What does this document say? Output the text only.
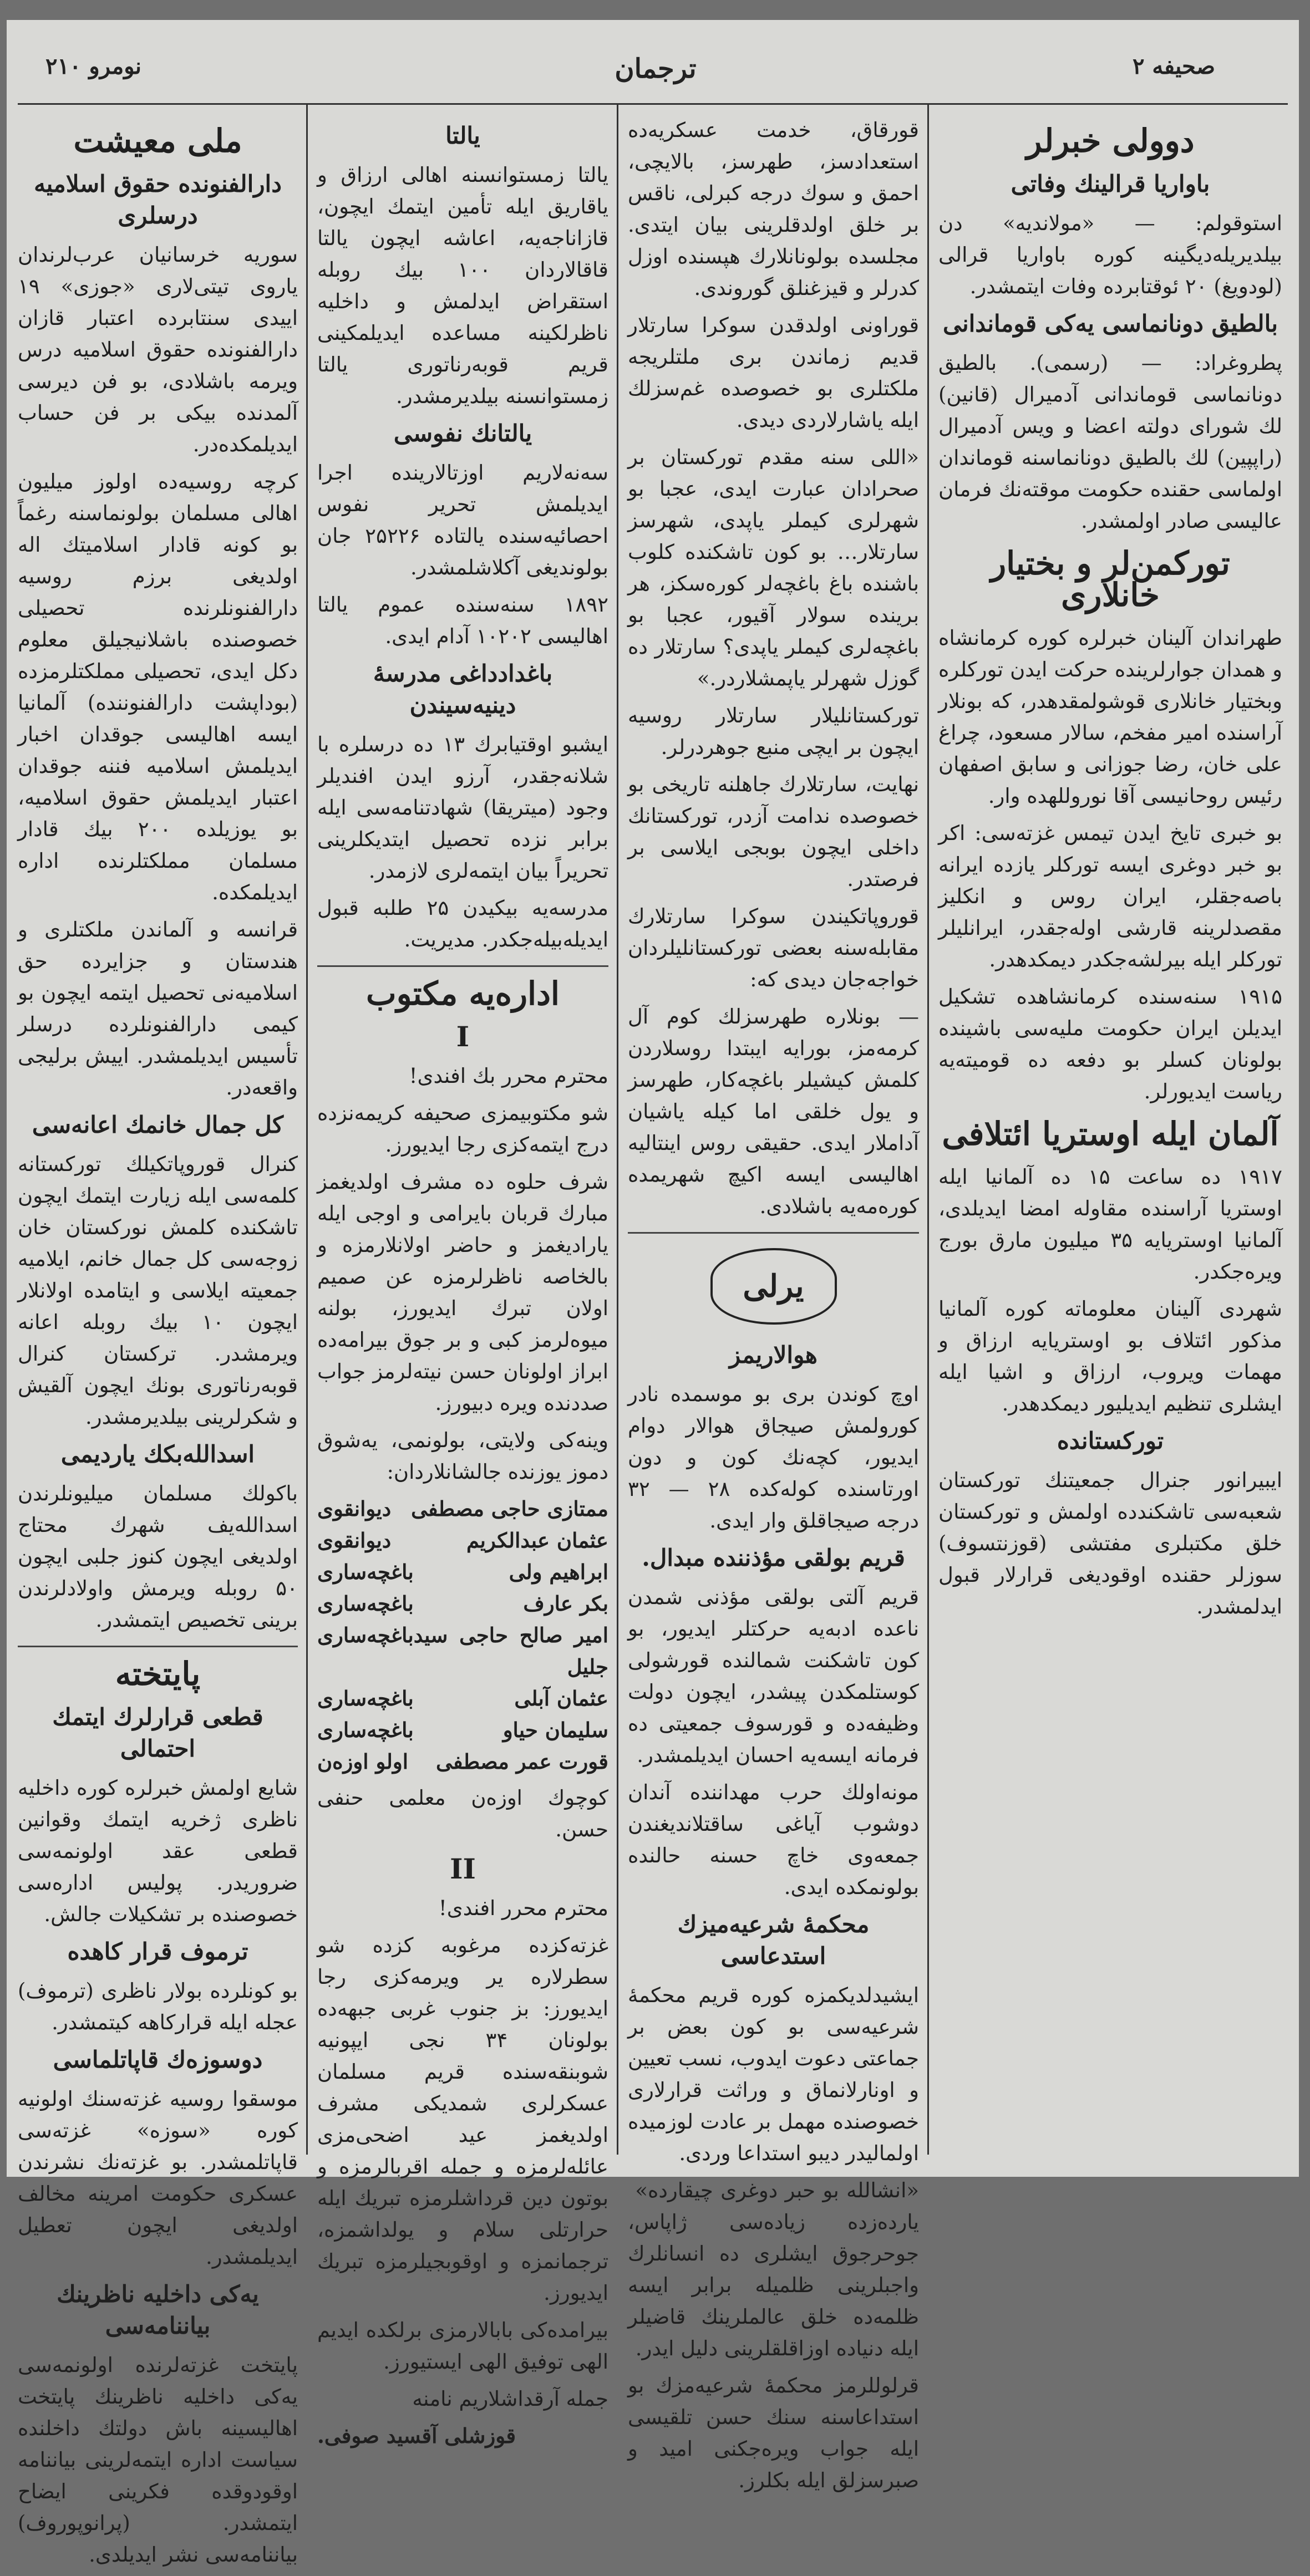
صحیفه ۲
ترجمان
نومرو ۲۱۰
دوولی خبرلر
باواریا قرالینك وفاتی

استوقولم: — «مولاندیه» دن بیلدیریله‌دیگینه کوره باواریا قرالی (لودویغ) ۲۰ ئوقتابرده وفات ایتمشدر.

بالطیق دونانماسی یه‌کی قوماندانی

پطروغراد: — (رسمی). بالطیق دونانماسی قوماندانی آدمیرال (قانین) لك شورای دولته اعضا و ویس آدمیرال (راپپین) لك بالطیق دونانماسنه قوماندان اولماسی حقنده حکومت موقته‌نك فرمان عالیسی صادر اولمشدر.

تورکمن‌لر و بختیار خانلاری

طهراندان آلینان خبرلره کوره کرمانشاه و همدان جوارلرینده حرکت ایدن تورکلره وبختیار خانلاری قوشولمقدهدر، که بونلار آراسنده امیر مفخم، سالار مسعود، چراغ علی خان، رضا جوزانی و سابق اصفهان رئیس روحانیسی آقا نوروللهده وار.

بو خبری تایخ ایدن تیمس غزته‌سی: اکر بو خبر دوغری ایسه تورکلر یازده ایرانه باصه‌جقلر، ایران روس و انکلیز مقصدلرینه قارشی اوله‌جقدر، ایرانلیلر تورکلر ایله بیرلشه‌جکدر دیمکدهدر.

۱۹۱۵ سنه‌سنده کرمانشاهده تشکیل ایدیلن ایران حکومت ملیه‌سی باشینده بولونان کسلر بو دفعه ده قومیته‌یه ریاست ایدیورلر.

آلمان ایله اوستریا ائتلافی

۱۹۱۷ ده ساعت ۱۵ ده آلمانیا ایله اوستریا آراسنده مقاوله امضا ایدیلدی، آلمانیا اوستریا‌یه ۳۵ میلیون مارق بورج ویره‌جکدر.

شهردی آلینان معلوماته کوره آلمانیا مذکور ائتلاف بو اوستریایه ارزاق و مهمات ویروب، ارزاق و اشیا ایله ایشلری تنظیم ایدیلیور دیمکدهدر.

تورکستانده

ایبیرانور جنرال جمعیتنك تورکستان شعبه‌سی تاشکندده اولمش و تورکستان خلق مکتبلری مفتشی (قوزنتسوف) سوزلر حقنده اوقودیغی قرارلار قبول ایدلمشدر.

قورقاق، خدمت عسکریه‌ده استعدادسز، طهرسز، بالایچی، احمق و سوك درجه کبرلی، ناقس بر خلق اولدقلرینی بیان ایتدی. مجلسده بولونانلارك هپسنده اوزل کدرلر و قیزغنلق گوروندی.

قوراونی اولدقدن سوکرا سارتلار قدیم زماندن بری ملتلریجه ملکتلری بو خصوصده غم‌سزلك ایله یاشارلاردی دیدی.

«اللی سنه مقدم تورکستان بر صحرادان عبارت ایدی، عجبا بو شهرلری کیملر یاپدی، شهرسز سارتلار… بو کون تاشکنده کلوب باشنده باغ باغچه‌لر کوره‌سکز، هر برینده سولار آقیور، عجبا بو باغچه‌لری کیملر یاپدی؟ سارتلار ده گوزل شهرلر یاپمشلاردر.»

تورکستانلیلار سارتلار روسیه ایچون بر ایچی منبع جوهردرلر.

نهایت، سارتلارك جاهلنه تاریخی بو خصوصده ندامت آزدر، تورکستانك داخلی ایچون بوبجی ایلاسی بر فرصتدر.

قوروپاتکیندن سوکرا سارتلارك مقابله‌سنه بعضی تورکستانلیلردان خواجه‌جان دیدی که:

— بونلاره طهرسزلك کوم آل کرمه‌مز، بورایه ایبتدا روسلاردن کلمش کیشیلر باغچه‌کار، طهرسز و یول خلقی اما کیله یاشیان آداملار ایدی. حقیقی روس اینتالیه اهالیسی ایسه اکیچ شهریمده کوره‌مه‌یه باشلادی.

یرلی
هوالاریمز

اوچ کوندن بری بو موسمده نادر کورولمش صیجاق هوالار دوام ایدیور، کچه‌نك کون و دون اورتاسنده کوله‌کده ۲۸ — ۳۲ درجه صیجاقلق وار ایدی.

قریم بولقی مؤذننده مبدال.

قریم آلتی بولقی مؤذنی شمدن ناعده ادبه‌یه حرکتلر ایدیور، بو کون تاشکنت شمالنده قورشولی کوستلمکدن پیشدر، ایچون دولت وظیفه‌ده و قورسوف جمعیتی ده فرمانه ایسه‌یه احسان ایدیلمشدر.

مونه‌اولك حرب مهداننده آندان دوشوب آیاغی ساقتلاندیغندن جمعه‌وی خاچ حسنه حالنده بولونمکده ایدی.

محکمهٔ شرعیه‌میزك استدعاسی

ایشیدلدیکمزه کوره قریم محکمهٔ شرعیه‌سی بو کون بعض بر جماعتی دعوت ایدوب، نسب تعیین و اونارلانماق و وراثت قرارلاری خصوصنده مهمل بر عادت لوزمیده اولمالیدر دیبو استداعا وردی.

«انشالله بو حبر دوغری چیقارده» یارده‌زده زیاده‌سی ژاپاس، جوحرجوق ایشلری ده انسانلرك واجبلرینی ظلمیله برابر ایسه ظلمه‌ده خلق عالملرینك قاضیلر ایله دنیا‌ده اوزاقلقلرینی دلیل ایدر.

قرلوللرمز محکمهٔ شرعیه‌مزك بو استداعاسنه سنك حسن تلقیسی ایله جواب ویره‌جکنی امید و صبرسزلق ایله بکلرز.

یالتا

یالتا زمستوانسنه اهالی ارزاق و یاقاریق ایله تأمین ایتمك ایچون، قازاناجه‌یه، اعاشه ایچون یالتا قاقالاردان ۱۰۰ بیك روبله استقراض ایدلمش و داخلیه ناظرلکینه مساعده ایدیلمکینی قریم قوبه‌رناتوری یالتا زمستوانسنه بیلدیرمشدر.

یالتانك نفوسی

سه‌نه‌لاریم اوزتالارینده اجرا ایدیلمش تحریر نفوس احصائیه‌سنده یالتاده ۲۵۲۲۶ جان بولوندیغی آکلاشلمشدر.

۱۸۹۲ سنه‌سنده عموم یالتا اهالیسی ۱۰۲۰۲ آدام ایدی.

باغدادداغی مدرسهٔ دینیه‌سیندن

ایشبو اوقتیابرك ۱۳ ده درسلره با شلانه‌جقدر، آرزو ایدن افندیلر وجود (میتریقا) شهادتنامه‌سی ایله برابر نزده تحصیل ایتدیکلرینی تحریراً بیان ایتمه‌لری لازمدر.

مدرسه‌یه بیکیدن ۲۵ طلبه قبول ایدیله‌بیله‌جکدر. مدیریت.

اداره‌یه مکتوب
I

محترم محرر بك افندی!

شو مکتوبیمزی صحیفه‌ کریمه‌نزده درج ایتمه‌کزی رجا ایدیورز.

شرف حلوه‌ ده مشرف اولدیغمز مبارك قربان بایرامی و اوجی ایله یارادیغمز و حاضر اولانلارمزه و بالخاصه ناظرلرمزه عن صمیم اولان تبرك ایدیورز، بولنه‌ میوه‌لرمز کبی و بر جوق بیرامه‌ده ابراز اولونان حسن نیته‌لرمز جواب صددنده ویره‌ دبیورز.

وینه‌کی ولایتی، بولونمی، یه‌شوق دموز یوزنده جالشانلاردان:

ممتازی حاجی مصطفی
دیوانقوی
عثمان عبدالکریم
دیوانقوی
ابراهیم ولی
باغچه‌ساری
بکر عارف
باغچه‌ساری
امیر صالح حاجی سید جلیل
باغچه‌ساری
عثمان آبلی
باغچه‌ساری
سلیمان حیاو
باغچه‌ساری
قورت عمر مصطفی
اولو اوزه‌ن

کوچوك اوزه‌ن معلمی حنفی حسن.

II

محترم محرر افندی!

غزته‌کزده مرغوبه کزده شو سطرلاره یر ویرمه‌کزی رجا ایدیورز: بز جنوب غربی جبهه‌ده بولونان ۳۴ نجی ایپونیه شوبنقه‌سنده قریم مسلمان عسکرلری شمدیکی مشرف اولدیغمز عید اضحی‌مزی عائله‌لرمزه و جمله اقربالرمزه و بوتون دین قرداشلرمزه تبریك ایله حرارتلی سلام و یولداشمزه، ترجمانمزه و اوقوبجیلرمزه تبریك ایدیورز.

بیرامده‌کی بابالارمزی برلکده ایدیم الهی توفیق الهی ایستیورز.

جمله آرقداشلاریم نامنه

قوزشلی آقسید صوفی.
ملی معیشت
دارالفنونده حقوق اسلامیه درسلری

سوریه خرسانیان عرب‌لرندان یاروی تیتی‌لاری «جوزی» ۱۹ اییدی سنتابرده اعتبار قازان دارالفنونده حقوق اسلامیه درس ویرمه باشلادی، بو فن دیرسی آلمدنده بیکی بر فن حساب ایدیلمکده‌در.

کرچه روسیه‌ده اولوز میلیون اهالی مسلمان بولونماسنه رغماً بو کونه قادار اسلامیتك اله اولدیغی برزم روسیه دارالفنونلرنده تحصیلی خصوصنده باشلانیجیلق معلوم دکل ایدی، تحصیلی مملکتلرمزده (بوداپشت دارالفنوننده) آلمانیا ایسه اهالیسی جوقدان اخبار ایدیلمش اسلامیه فننه جوقدان اعتبار ایدیلمش حقوق اسلامیه، بو یوزیلده ۲۰۰ بیك قادار مسلمان مملکتلرنده اداره ایدیلمکده.

قرانسه و آلماندن ملکتلری و هندستان و جزایرده حق اسلامیه‌نی تحصیل ایتمه ایچون بو کیمی دارالفنونلرده درسلر تأسیس ایدیلمشدر. اییش برلیجی واقعه‌در.

کل جمال خانمك اعانه‌سی

کنرال قوروپاتکیلك تورکستانه کلمه‌سی ایله زیارت ایتمك ایچون تاشکنده کلمش نورکستان خان زوجه‌سی کل جمال خانم، ایلامیه جمعیته ایلاسی و ایتامده اولانلار ایچون ۱۰ بیك روبله اعانه ویرمشدر. ترکستان کنرال قوبه‌رناتوری بونك ایچون آلقیش و شکرلرینی بیلدیرمشدر.

اسدالله‌بكك یاردیمی

باکولك مسلمان میلیونلرندن اسدالله‌یف شهرك محتاج اولدیغی ایچون کنوز جلبی ایچون ۵۰ روبله ویرمش واولادلرندن برینی تخصیص ایتمشدر.

پایتخته
قطعی قرارلرك ایتمك احتمالی

شایع اولمش خبرلره کوره داخلیه ناظری ژخریه ایتمك وقوانین قطعی عقد اولونمه‌سی ضروریدر. پولیس اداره‌سی خصوصنده بر تشکیلات جالش.

ترموف قرار کاهده

بو کونلرده بولار ناظری (ترموف) عجله ایله قرارکاهه کیتمشدر.

دوسوزه‌ك قاپاتلماسی

موسقوا روسیه غزته‌سنك اولونیه کوره «سوزه» غزته‌سی قاپاتلمشدر. بو غزته‌نك نشرندن عسکری حکومت امرینه مخالف اولدیغی ایچون تعطیل ایدیلمشدر.

یه‌کی داخلیه ناظرینك بیاننامه‌سی

پایتخت غزته‌لرنده اولونمه‌سی یه‌کی داخلیه ناظرینك پایتخت اهالیسینه باش دولتك داخلنده سیاست اداره ایتمه‌لرینی بیاننامه اوقودوقده فکرینی ایضاح ایتمشدر. (پرانوپوروف) بیاننامه‌سی نشر ایدیلدی.
